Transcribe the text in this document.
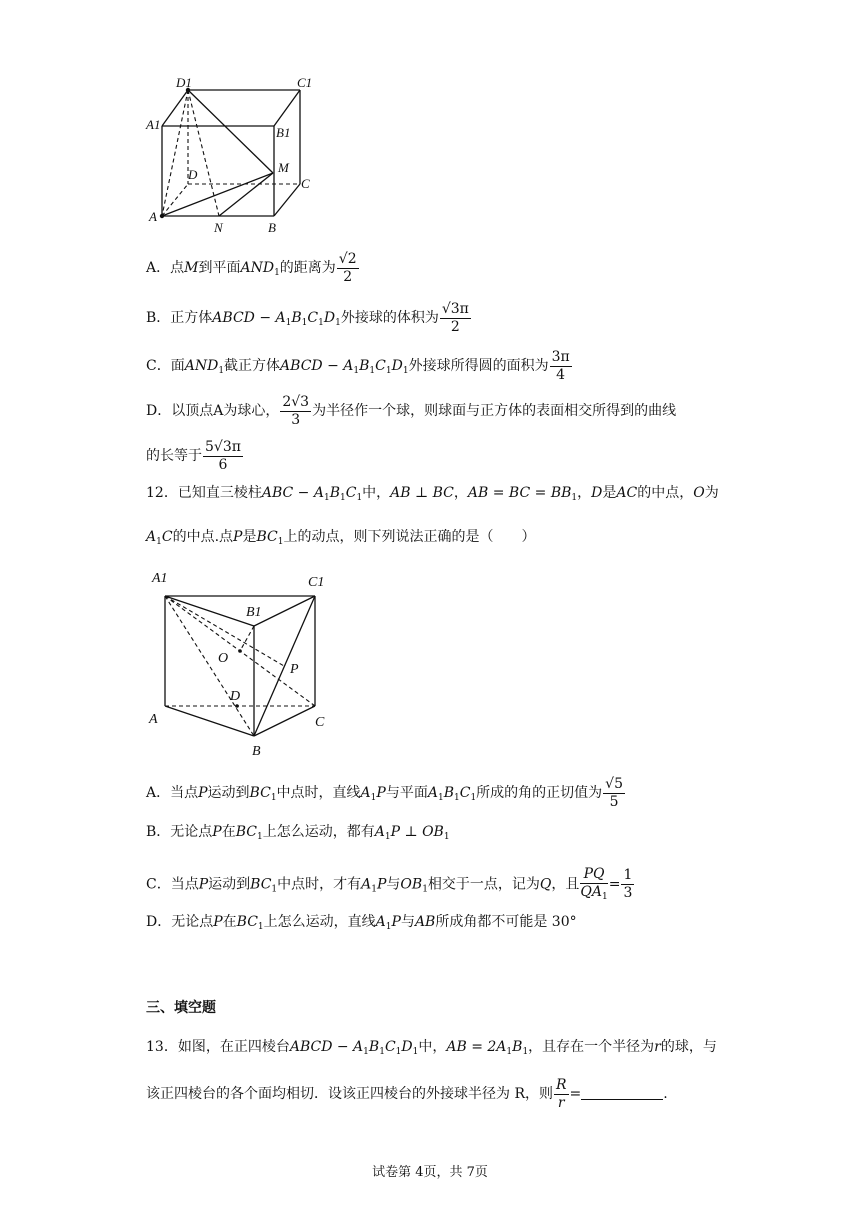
D1	C1
A1
B1
D	M
C
A
N	B
A．点M到平面$AND_1$的距离为 $\frac{√2}{2}$
B．正方体ABCD − $A_1B_1C_1D_1$外接球的体积为 $\frac{√3\pi}{2}$
C．面$AND_1$截正方体ABCD − $A_1B_1C_1D_1$外接球所得圆的面积为 $\frac{3\pi}{4}$
D．以顶点A为球心， $\frac{2√3}{3}$ 为半径作一个球，则球面与正方体的表面相交所得到的曲线
的长等于 $\frac{5√3\pi}{6}$
12．已知直三棱柱ABC − $A_1B_1C_1$中，AB ⊥ BC，AB = BC = $BB_1$，D是AC的中点，O为
$A_1C$的中点.点P是$BC_1$上的动点，则下列说法正确的是（　　）
A1	C1
B1
O
P
D
A	C
B
A．当点P运动到$BC_1$中点时，直线$A_1P$与平面$A_1B_1C_1$所成的角的正切值为 $\frac{√5}{5}$
B．无论点P在$BC_1$上怎么运动，都有$A_1P$ ⊥ $OB_1$
C．当点P运动到$BC_1$中点时，才有$A_1P$与$OB_1$相交于一点，记为Q，且 $\frac{PQ}{QA_1} = \frac{1}{3}$
D．无论点P在$BC_1$上怎么运动，直线$A_1P$与AB所成角都不可能是 30°
三、填空题
13．如图，在正四棱台ABCD − $A_1B_1C_1D_1$中，AB = $2A_1B_1$，且存在一个半径为r的球，与
该正四棱台的各个面均相切．设该正四棱台的外接球半径为 R，则 $\frac{R}{r}$ =	.
试卷第 4页，共 7页
